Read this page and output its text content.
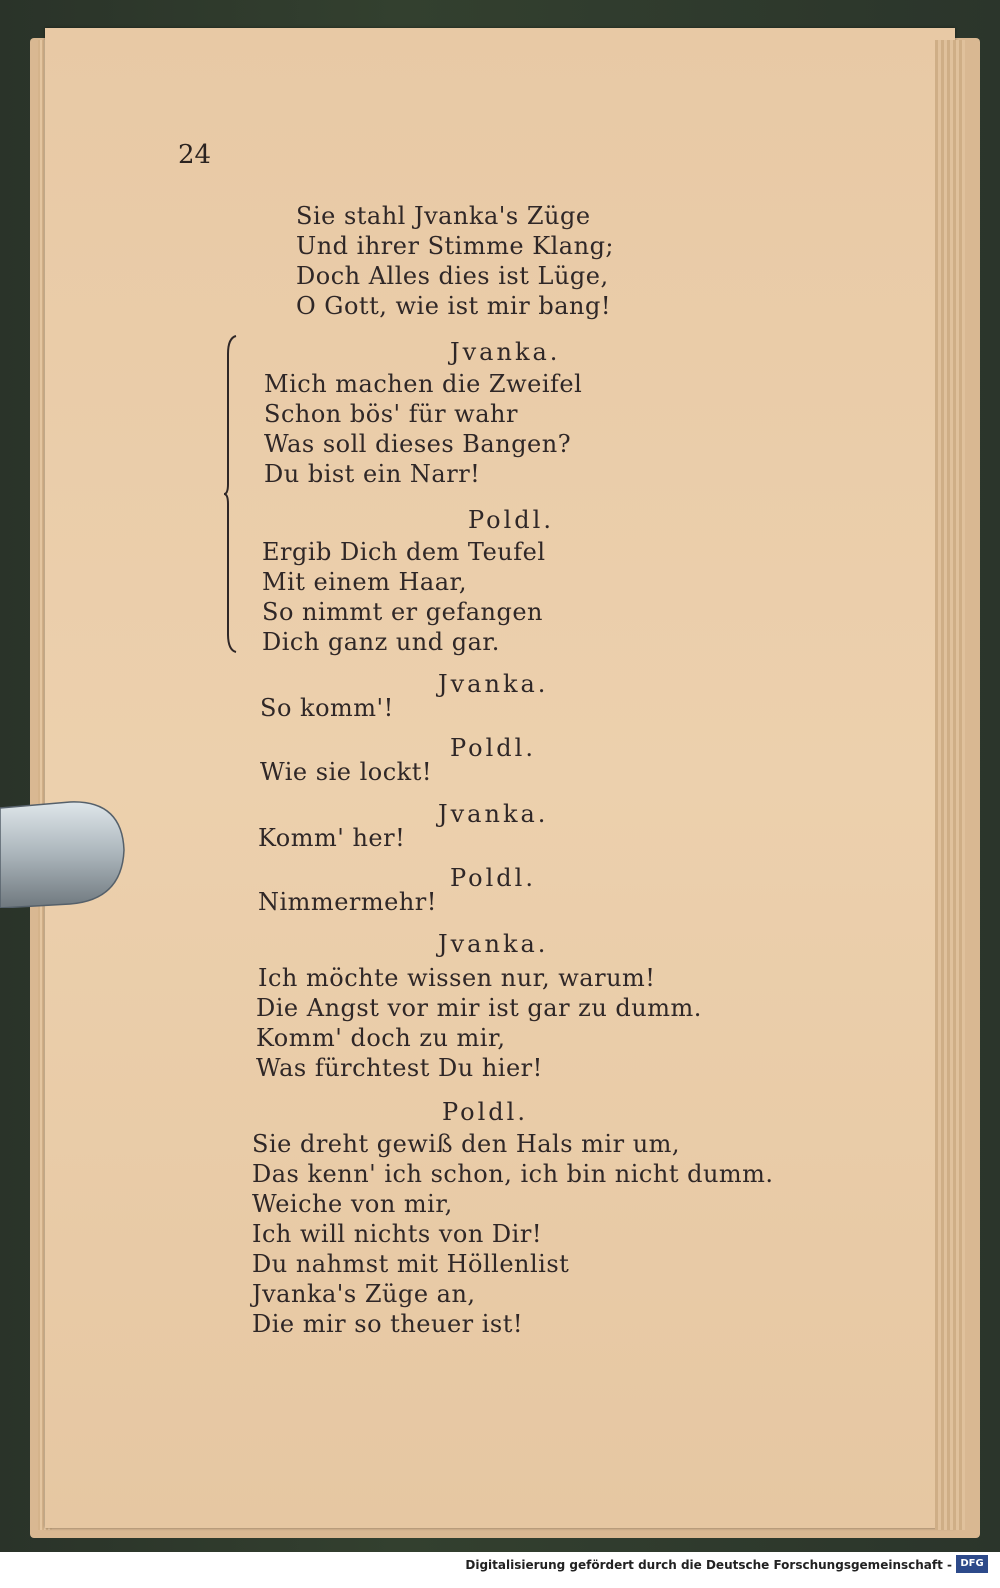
24
Sie stahl Jvanka's Züge
Und ihrer Stimme Klang;
Doch Alles dies ist Lüge,
O Gott, wie ist mir bang!
Jvanka.
Mich machen die Zweifel
Schon bös' für wahr
Was soll dieses Bangen?
Du bist ein Narr!
Poldl.
Ergib Dich dem Teufel
Mit einem Haar,
So nimmt er gefangen
Dich ganz und gar.
Jvanka.
So komm'!
Poldl.
Wie sie lockt!
Jvanka.
Komm' her!
Poldl.
Nimmermehr!
Jvanka.
Ich möchte wissen nur, warum!
Die Angst vor mir ist gar zu dumm.
Komm' doch zu mir,
Was fürchtest Du hier!
Poldl.
Sie dreht gewiß den Hals mir um,
Das kenn' ich schon, ich bin nicht dumm.
Weiche von mir,
Ich will nichts von Dir!
Du nahmst mit Höllenlist
Jvanka's Züge an,
Die mir so theuer ist!
Digitalisierung gefördert durch die Deutsche Forschungsgemeinschaft - DFG
